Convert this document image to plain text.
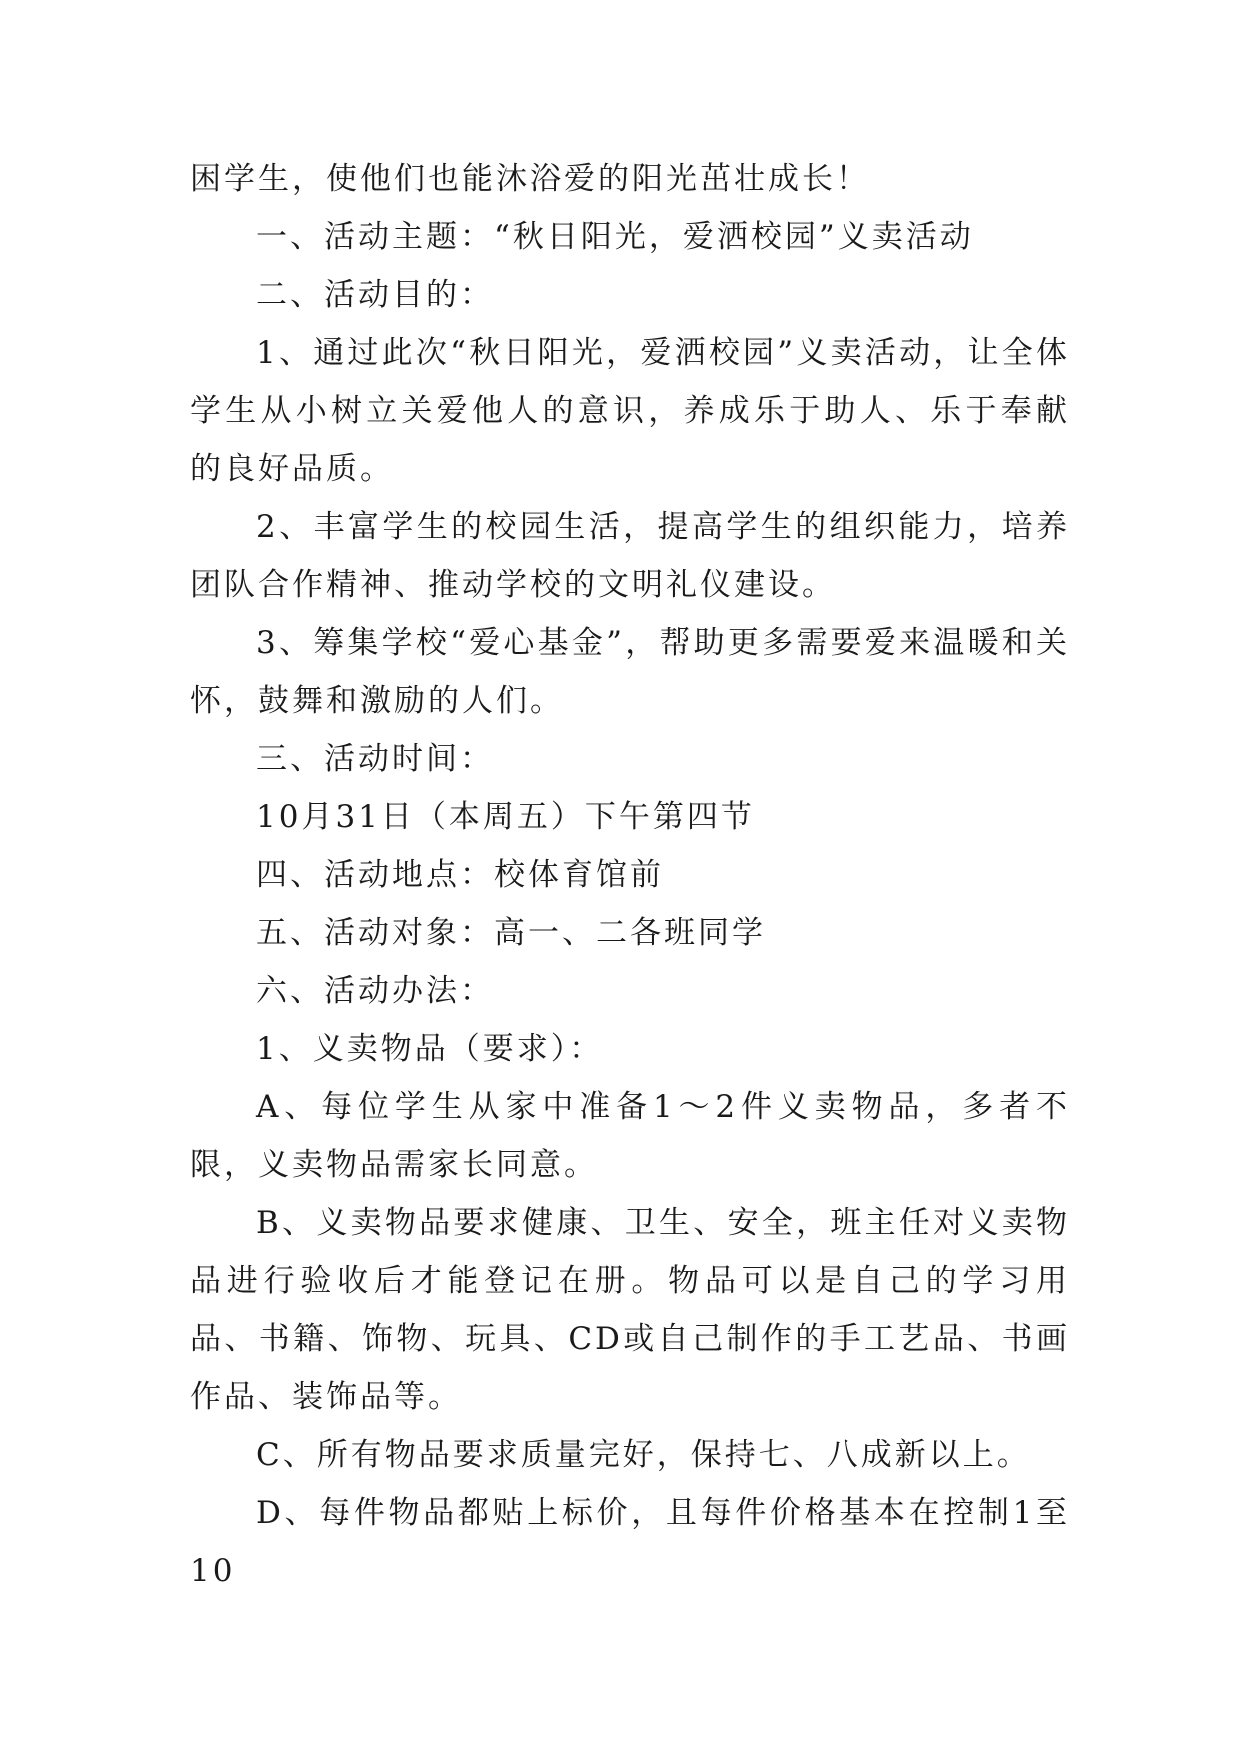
困学生，使他们也能沐浴爱的阳光茁壮成长！

一、活动主题：“秋日阳光，爱洒校园”义卖活动

二、活动目的：

1、通过此次“秋日阳光，爱洒校园”义卖活动，让全体学生从小树立关爱他人的意识，养成乐于助人、乐于奉献的良好品质。

2、丰富学生的校园生活，提高学生的组织能力，培养团队合作精神、推动学校的文明礼仪建设。

3、筹集学校“爱心基金”，帮助更多需要爱来温暖和关怀，鼓舞和激励的人们。

三、活动时间：

10月31日（本周五）下午第四节

四、活动地点：校体育馆前

五、活动对象：高一、二各班同学

六、活动办法：

1、义卖物品（要求）：

A、每位学生从家中准备1～2件义卖物品，多者不限，义卖物品需家长同意。

B、义卖物品要求健康、卫生、安全，班主任对义卖物品进行验收后才能登记在册。物品可以是自己的学习用品、书籍、饰物、玩具、CD或自己制作的手工艺品、书画作品、装饰品等。

C、所有物品要求质量完好，保持七、八成新以上。

D、每件物品都贴上标价，且每件价格基本在控制1至10
